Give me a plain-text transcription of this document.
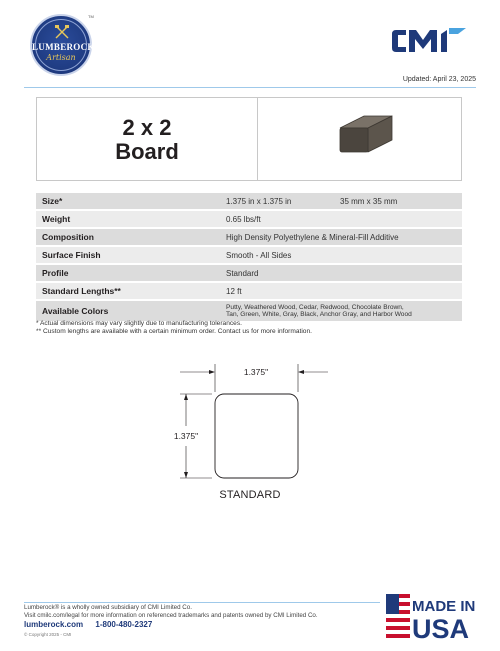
LUMBEROCK
Artisan
TM
Updated: April 23, 2025
2 x 2
Board
Size*	1.375 in x 1.375 in	35 mm x 35 mm
Weight	0.65 lbs/ft	
Composition	High Density Polyethylene & Mineral-Fill Additive	
Surface Finish	Smooth - All Sides	
Profile	Standard	
Standard Lengths**	12 ft	
Available Colors	Putty, Weathered Wood, Cedar, Redwood, Chocolate Brown,
Tan, Green, White, Gray, Black, Anchor Gray, and Harbor Wood	
* Actual dimensions may vary slightly due to manufacturing tolerances.
** Custom lengths are available with a certain minimum order. Contact us for more information.
1.375"
1.375"
STANDARD
Lumberock® is a wholly owned subsidiary of CMI Limited Co.
Visit cmilc.com/legal for more information on referenced trademarks and patents owned by CMI Limited Co.
lumberock.com 1-800-480-2327
© Copyright 2025 - CMI
MADE IN
USA
